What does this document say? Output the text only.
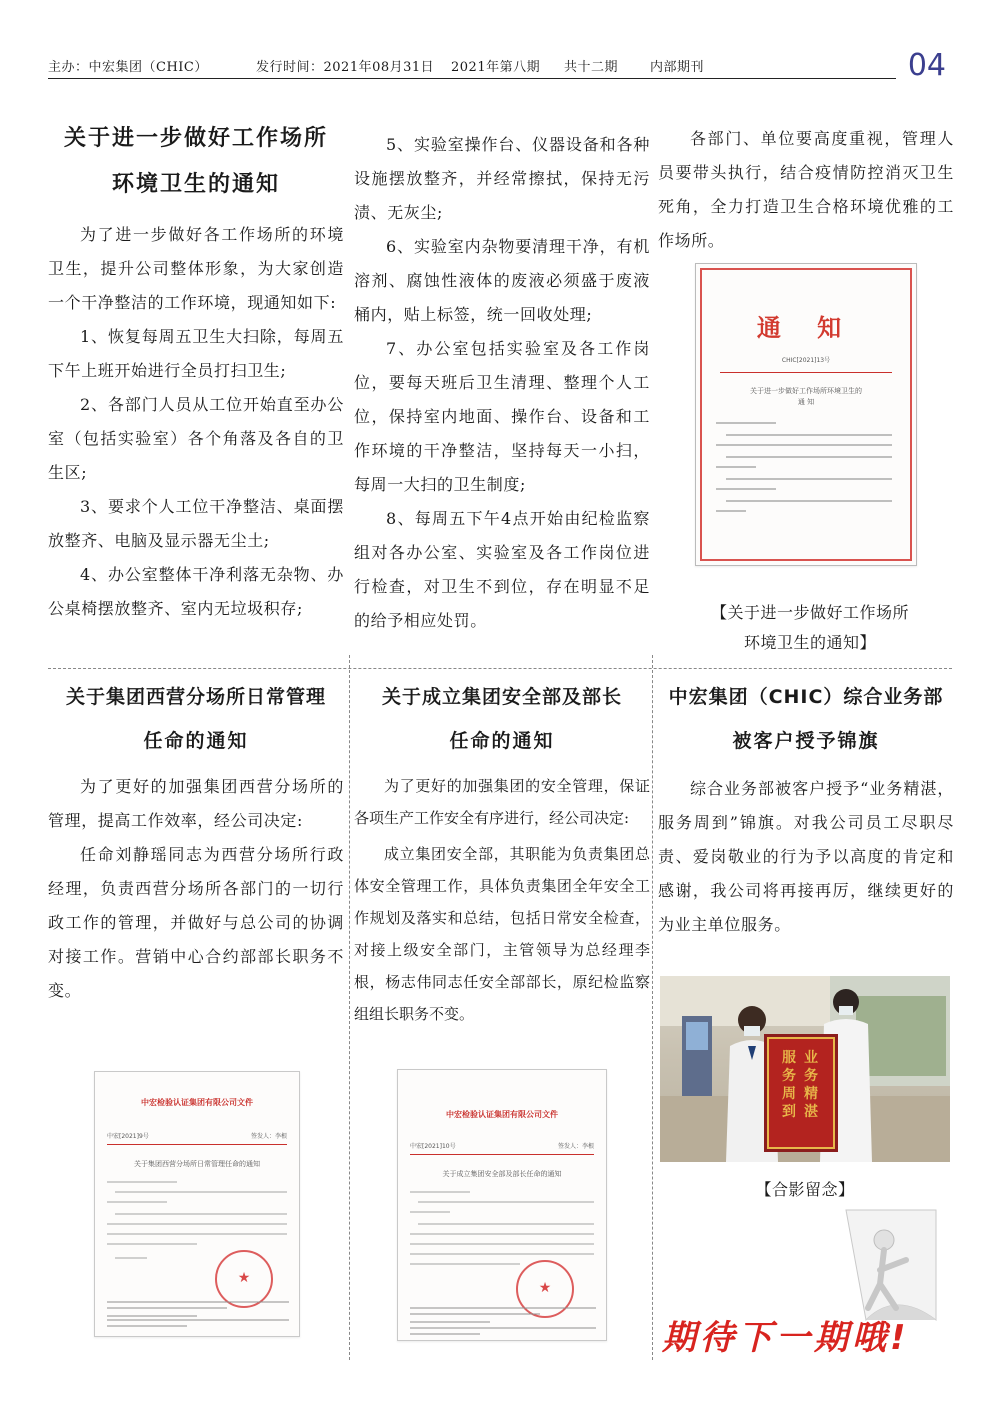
主办：中宏集团（CHIC）	发行时间：2021年08月31日 2021年第八期 共十二期 内部期刊	04
关于进一步做好工作场所
环境卫生的通知

为了进一步做好各工作场所的环境卫生，提升公司整体形象，为大家创造一个干净整洁的工作环境，现通知如下:

1、恢复每周五卫生大扫除，每周五下午上班开始进行全员打扫卫生;

2、各部门人员从工位开始直至办公室（包括实验室）各个角落及各自的卫生区;

3、要求个人工位干净整洁、桌面摆放整齐、电脑及显示器无尘土;

4、办公室整体干净利落无杂物、办公桌椅摆放整齐、室内无垃圾积存;

5、实验室操作台、仪器设备和各种设施摆放整齐，并经常擦拭，保持无污渍、无灰尘;

6、实验室内杂物要清理干净，有机溶剂、腐蚀性液体的废液必须盛于废液桶内，贴上标签，统一回收处理;

7、办公室包括实验室及各工作岗位，要每天班后卫生清理、整理个人工位，保持室内地面、操作台、设备和工作环境的干净整洁，坚持每天一小扫，每周一大扫的卫生制度;

8、每周五下午4点开始由纪检监察组对各办公室、实验室及各工作岗位进行检查，对卫生不到位，存在明显不足的给予相应处罚。

各部门、单位要高度重视，管理人员要带头执行，结合疫情防控消灭卫生死角，全力打造卫生合格环境优雅的工作场所。

通 知
CHIC[2021]13号
关于进一步做好工作场所环境卫生的
通 知
【关于进一步做好工作场所
环境卫生的通知】
关于集团西营分场所日常管理
任命的通知

为了更好的加强集团西营分场所的管理，提高工作效率，经公司决定:

任命刘静瑶同志为西营分场所行政经理，负责西营分场所各部门的一切行政工作的管理，并做好与总公司的协调对接工作。营销中心合约部部长职务不变。

中宏检验认证集团有限公司文件
中宏[2021]9号	签发人：李根
关于集团西营分场所日常管理任命的通知
★
关于成立集团安全部及部长
任命的通知

为了更好的加强集团的安全管理，保证各项生产工作安全有序进行，经公司决定:

成立集团安全部，其职能为负责集团总体安全管理工作，具体负责集团全年安全工作规划及落实和总结，包括日常安全检查，对接上级安全部门，主管领导为总经理李根，杨志伟同志任安全部部长，原纪检监察组组长职务不变。

中宏检验认证集团有限公司文件
中宏[2021]10号	签发人：李根
关于成立集团安全部及部长任命的通知
★
中宏集团（CHIC）综合业务部
被客户授予锦旗

综合业务部被客户授予“业务精湛，服务周到”锦旗。对我公司员工尽职尽责、爱岗敬业的行为予以高度的肯定和感谢，我公司将再接再厉，继续更好的为业主单位服务。

服 业
务 务
周 精
到 湛
【合影留念】
期待下一期哦!
